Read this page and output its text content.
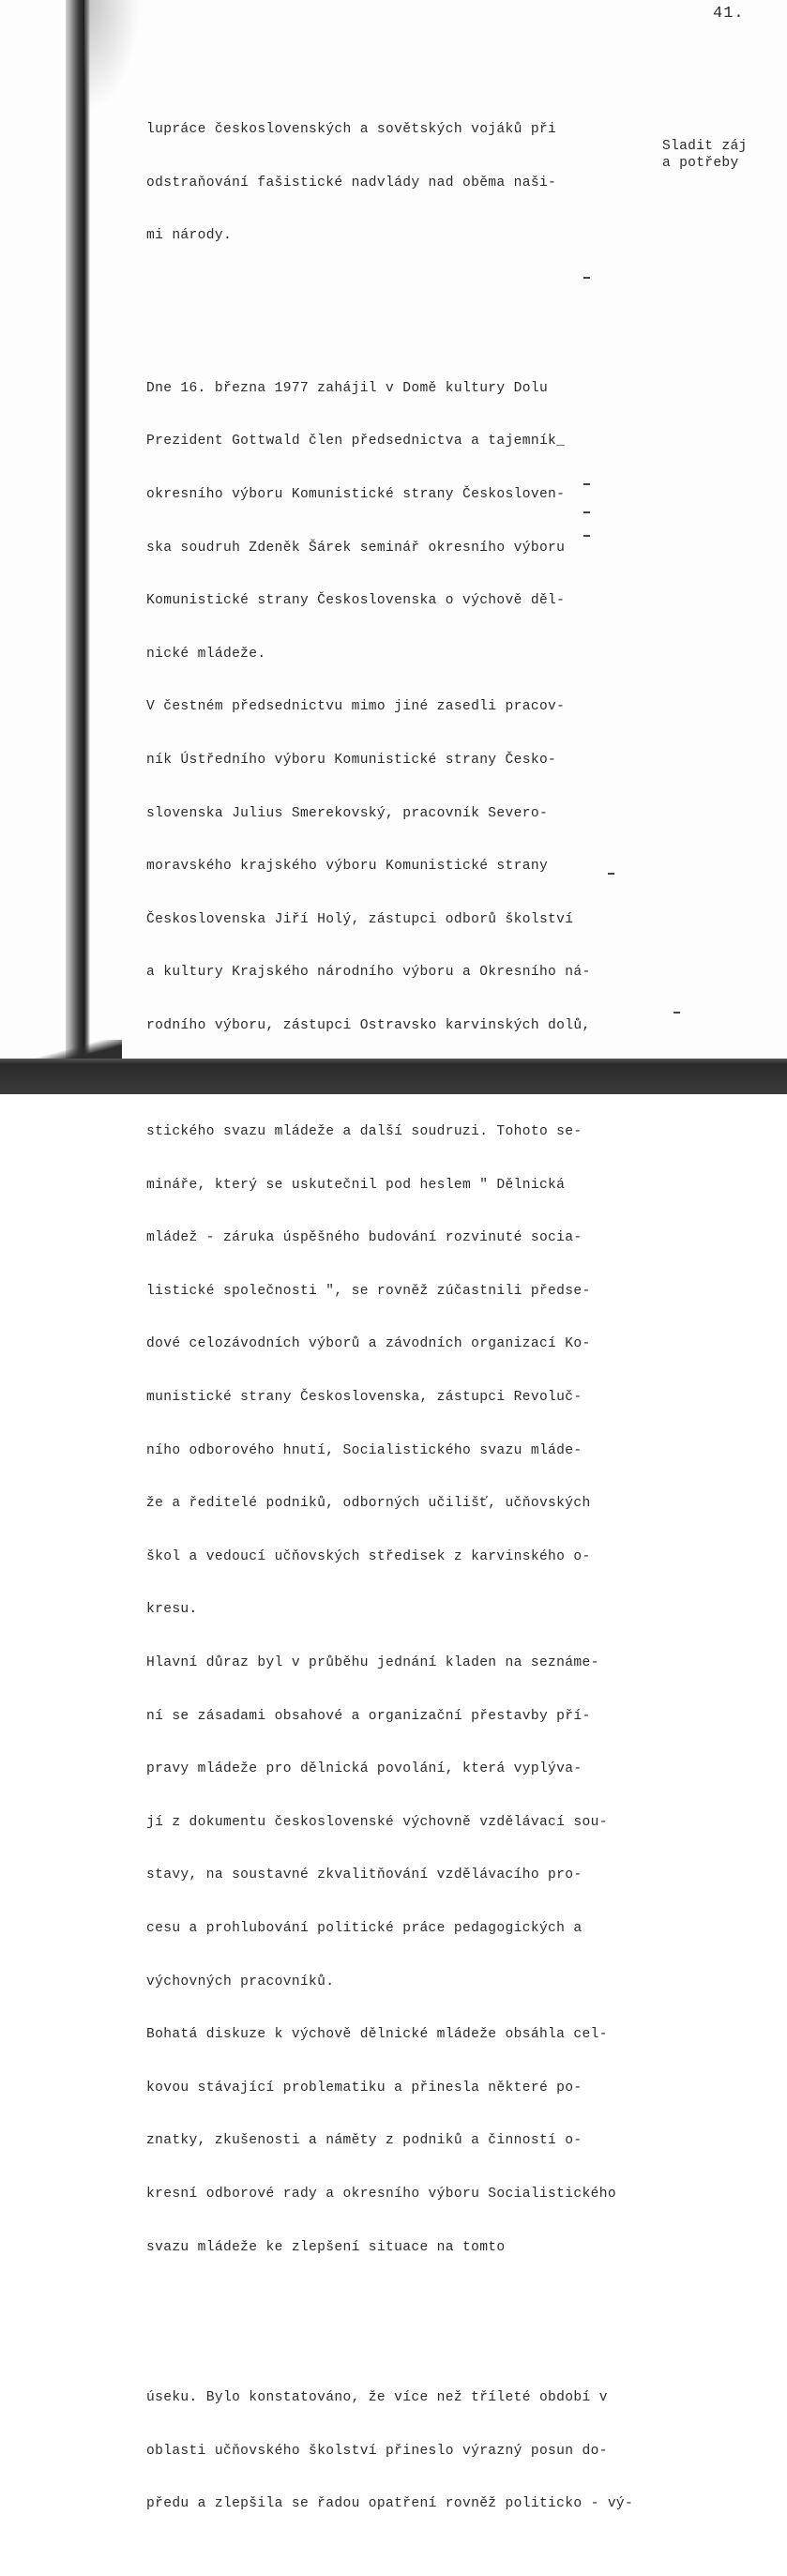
41.
Sladit záj
a potřeby

lupráce československých a sovětských vojáků při

odstraňování fašistické nadvlády nad oběma naši-

mi národy.

Dne 16. března 1977 zahájil v Domě kultury Dolu

Prezident Gottwald člen předsednictva a tajemník_

okresního výboru Komunistické strany Českosloven-

ska soudruh Zdeněk Šárek seminář okresního výboru

Komunistické strany Československa o výchově děl-

nické mládeže.

V čestném předsednictvu mimo jiné zasedli pracov-

ník Ústředního výboru Komunistické strany Česko-

slovenska Julius Smerekovský, pracovník Severo-

moravského krajského výboru Komunistické strany

Československa Jiří Holý, zástupci odborů školství

a kultury Krajského národního výboru a Okresního ná-

rodního výboru, zástupci Ostravsko karvinských dolů,

stického svazu mládeže a další soudruzi. Tohoto se-

mináře, který se uskutečnil pod heslem " Dělnická

mládež - záruka úspěšného budování rozvinuté socia-

listické společnosti ", se rovněž zúčastnili předse-

dové celozávodních výborů a závodních organizací Ko-

munistické strany Československa, zástupci Revoluč-

ního odborového hnutí, Socialistického svazu mláde-

že a ředitelé podniků, odborných učilišť, učňovských

škol a vedoucí učňovských středisek z karvinského o-

kresu.

Hlavní důraz byl v průběhu jednání kladen na seznáme-

ní se zásadami obsahové a organizační přestavby pří-

pravy mládeže pro dělnická povolání, která vyplýva-

jí z dokumentu československé výchovně vzdělávací sou-

stavy, na soustavné zkvalitňování vzdělávacího pro-

cesu a prohlubování politické práce pedagogických a

výchovných pracovníků.

Bohatá diskuze k výchově dělnické mládeže obsáhla cel-

kovou stávající problematiku a přinesla některé po-

znatky, zkušenosti a náměty z podniků a činností o-

kresní odborové rady a okresního výboru Socialistického

svazu mládeže ke zlepšení situace na tomto

úseku. Bylo konstatováno, že více než tříleté období v

oblasti učňovského školství přineslo výrazný posun do-

předu a zlepšila se řadou opatření rovněž politicko - vý-
